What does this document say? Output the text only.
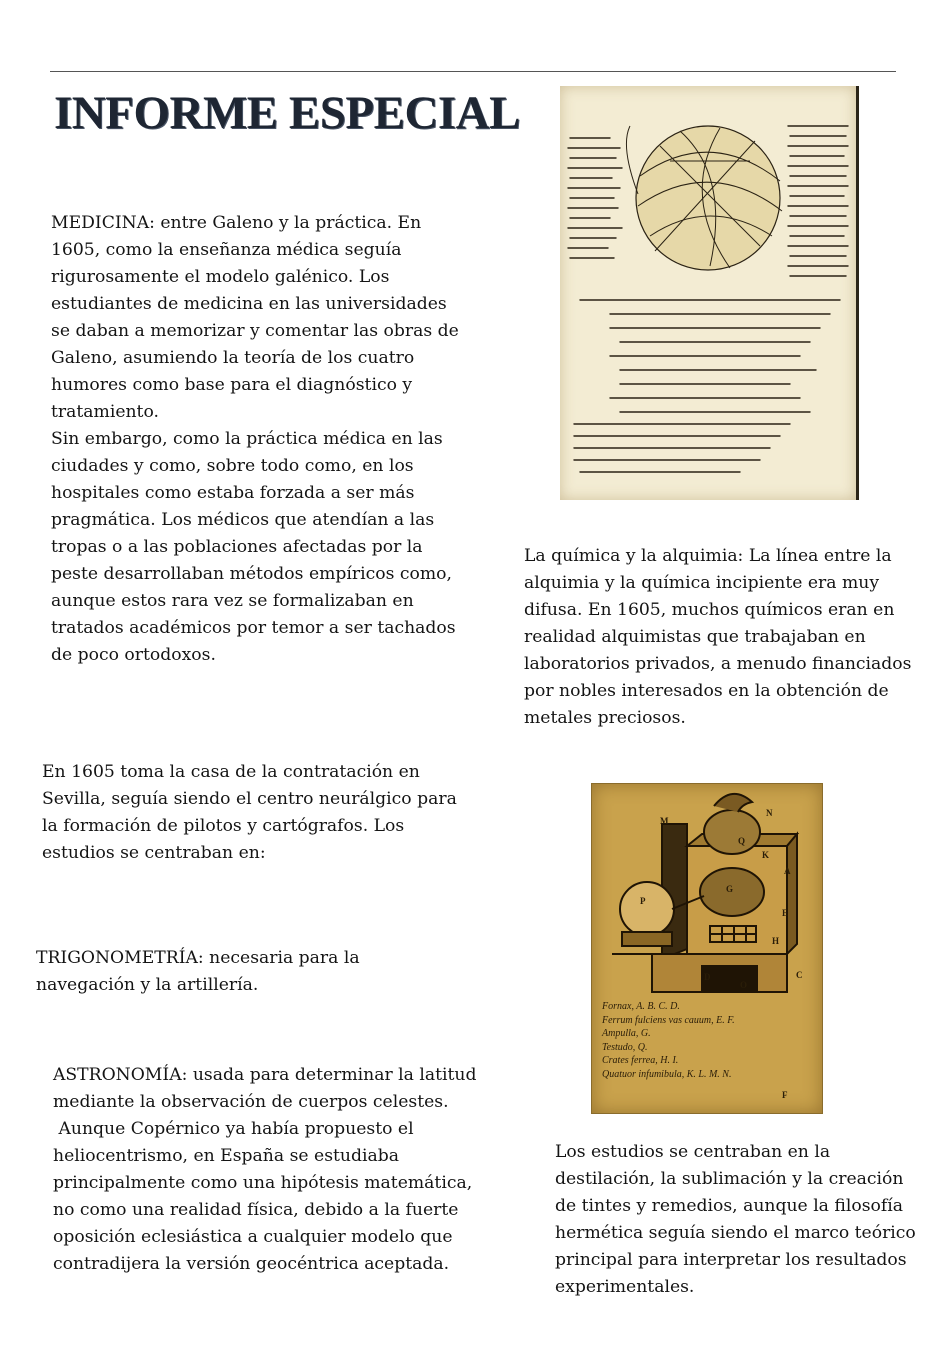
INFORME ESPECIAL

MEDICINA: entre Galeno y la práctica. En 1605, como la enseñanza médica seguía rigurosamente el modelo galénico. Los estudiantes de medicina en las universidades se daban a memorizar y comentar las obras de Galeno, asumiendo la teoría de los cuatro humores como base para el diagnóstico y tratamiento.

Sin embargo, como la práctica médica en las ciudades y como, sobre todo como, en los hospitales como estaba forzada a ser más pragmática. Los médicos que atendían a las tropas o a las poblaciones afectadas por la peste desarrollaban métodos empíricos como, aunque estos rara vez se formalizaban en tratados académicos por temor a ser tachados de poco ortodoxos.

En 1605 toma la casa de la contratación en Sevilla, seguía siendo el centro neurálgico para la formación de pilotos y cartógrafos. Los estudios se centraban en:

TRIGONOMETRÍA: necesaria para la navegación y la artillería.

ASTRONOMÍA: usada para determinar la latitud mediante la observación de cuerpos celestes.

Aunque Copérnico ya había propuesto el heliocentrismo, en España se estudiaba principalmente como una hipótesis matemática, no como una realidad física, debido a la fuerte oposición eclesiástica a cualquier modelo que contradijera la versión geocéntrica aceptada.

La química y la alquimia: La línea entre la alquimia y la química incipiente era muy difusa. En 1605, muchos químicos eran en realidad alquimistas que trabajaban en laboratorios privados, a menudo financiados por nobles interesados en la obtención de metales preciosos.

Los estudios se centraban en la destilación, la sublimación y la creación de tintes y remedios, aunque la filosofía hermética seguía siendo el marco teórico principal para interpretar los resultados experimentales.

M
N
Q
K
A
G
E
P
H
D	C
O
F
Fornax, A. B. C. D.
Ferrum fulciens vas cauum, E. F.
Ampulla, G.
Testudo, Q.
Crates ferrea, H. I.
Quatuor infumibula, K. L. M. N.
